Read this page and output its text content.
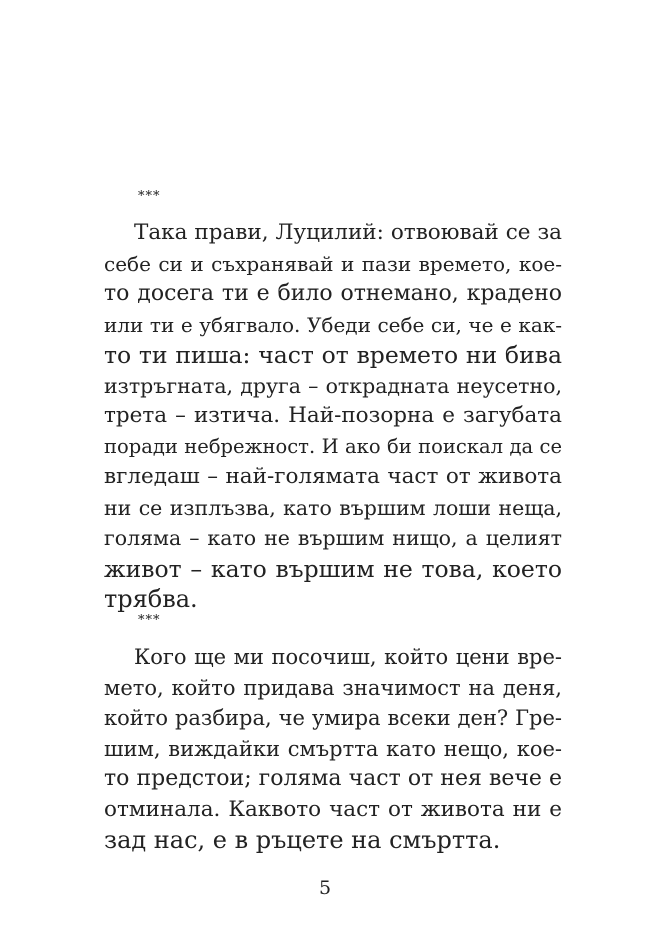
***
Така прави, Луцилий: отвоювай се за
себе си и съхранявай и пази времето, кое-
то досега ти е било отнемано, крадено
или ти е убягвало. Убеди себе си, че е как-
то ти пиша: част от времето ни бива
изтръгната, друга – открадната неусетно,
трета – изтича. Най-позорна е загубата
поради небрежност. И ако би поискал да се
вгледаш – най-голямата част от живота
ни се изплъзва, като вършим лоши неща,
голяма – като не вършим нищо, а целият
живот – като вършим не това, което
трябва.
***
Кого ще ми посочиш, който цени вре-
мето, който придава значимост на деня,
който разбира, че умира всеки ден? Гре-
шим, виждайки смъртта като нещо, кое-
то предстои; голяма част от нея вече е
отминала. Каквото част от живота ни е
зад нас, е в ръцете на смъртта.
5
